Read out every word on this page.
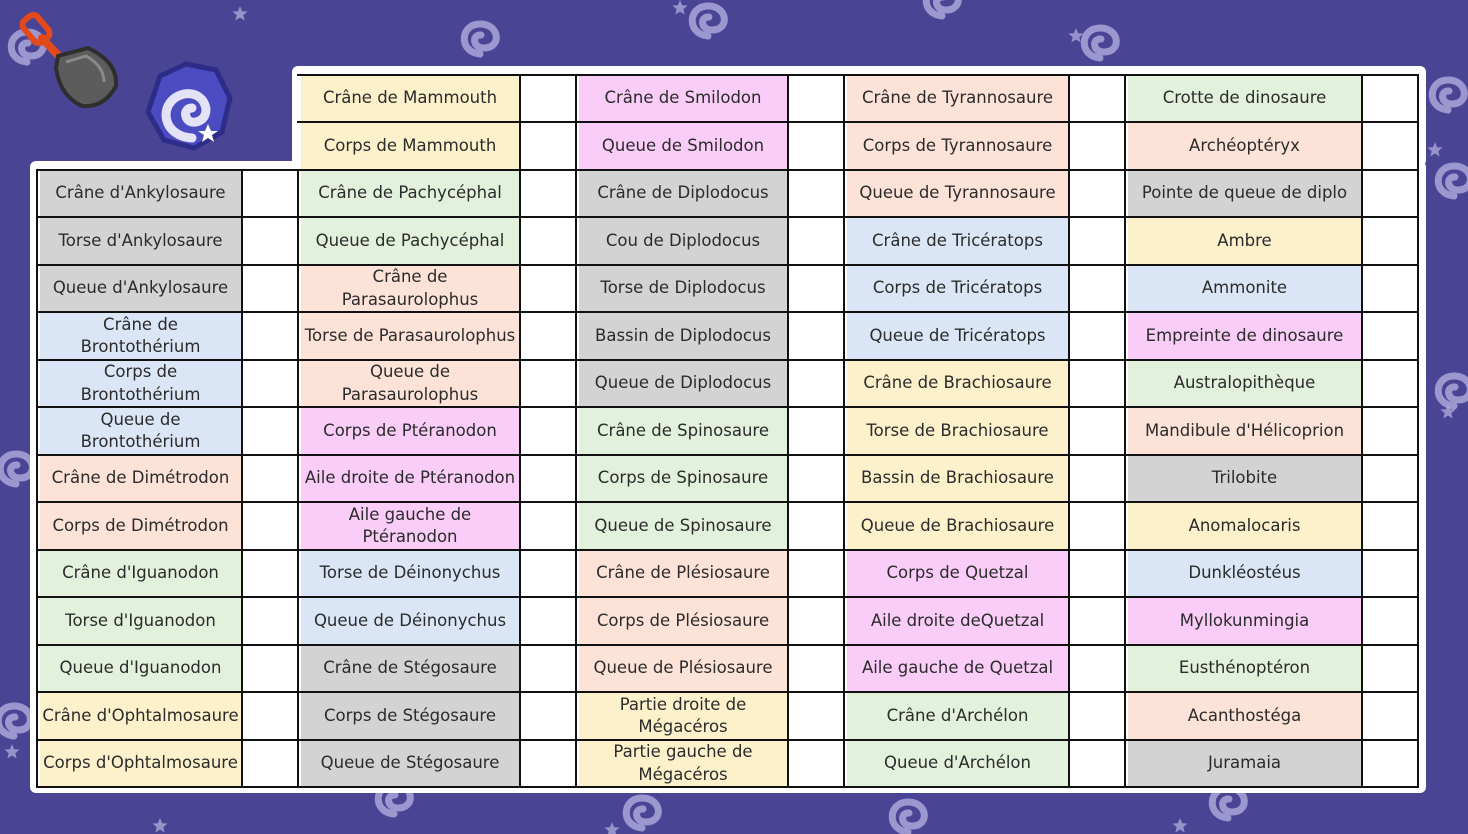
Crâne d'Ankylosaure
Torse d'Ankylosaure
Queue d'Ankylosaure
Crâne de Brontothérium
Corps de Brontothérium
Queue de Brontothérium
Crâne de Dimétrodon
Corps de Dimétrodon
Crâne d'Iguanodon
Torse d'Iguanodon
Queue d'Iguanodon
Crâne d'Ophtalmosaure
Corps d'Ophtalmosaure
Crâne de Mammouth
Corps de Mammouth
Crâne de Pachycéphal
Queue de Pachycéphal
Crâne de Parasaurolophus
Torse de Parasaurolophus
Queue de Parasaurolophus
Corps de Ptéranodon
Aile droite de Ptéranodon
Aile gauche de Ptéranodon
Torse de Déinonychus
Queue de Déinonychus
Crâne de Stégosaure
Corps de Stégosaure
Queue de Stégosaure
Crâne de Smilodon
Queue de Smilodon
Crâne de Diplodocus
Cou de Diplodocus
Torse de Diplodocus
Bassin de Diplodocus
Queue de Diplodocus
Crâne de Spinosaure
Corps de Spinosaure
Queue de Spinosaure
Crâne de Plésiosaure
Corps de Plésiosaure
Queue de Plésiosaure
Partie droite de Mégacéros
Partie gauche de Mégacéros
Crâne de Tyrannosaure
Corps de Tyrannosaure
Queue de Tyrannosaure
Crâne de Tricératops
Corps de Tricératops
Queue de Tricératops
Crâne de Brachiosaure
Torse de Brachiosaure
Bassin de Brachiosaure
Queue de Brachiosaure
Corps de Quetzal
Aile droite deQuetzal
Aile gauche de Quetzal
Crâne d'Archélon
Queue d'Archélon
Crotte de dinosaure
Archéoptéryx
Pointe de queue de diplo
Ambre
Ammonite
Empreinte de dinosaure
Australopithèque
Mandibule d'Hélicoprion
Trilobite
Anomalocaris
Dunkléostéus
Myllokunmingia
Eusthénoptéron
Acanthostéga
Juramaia
